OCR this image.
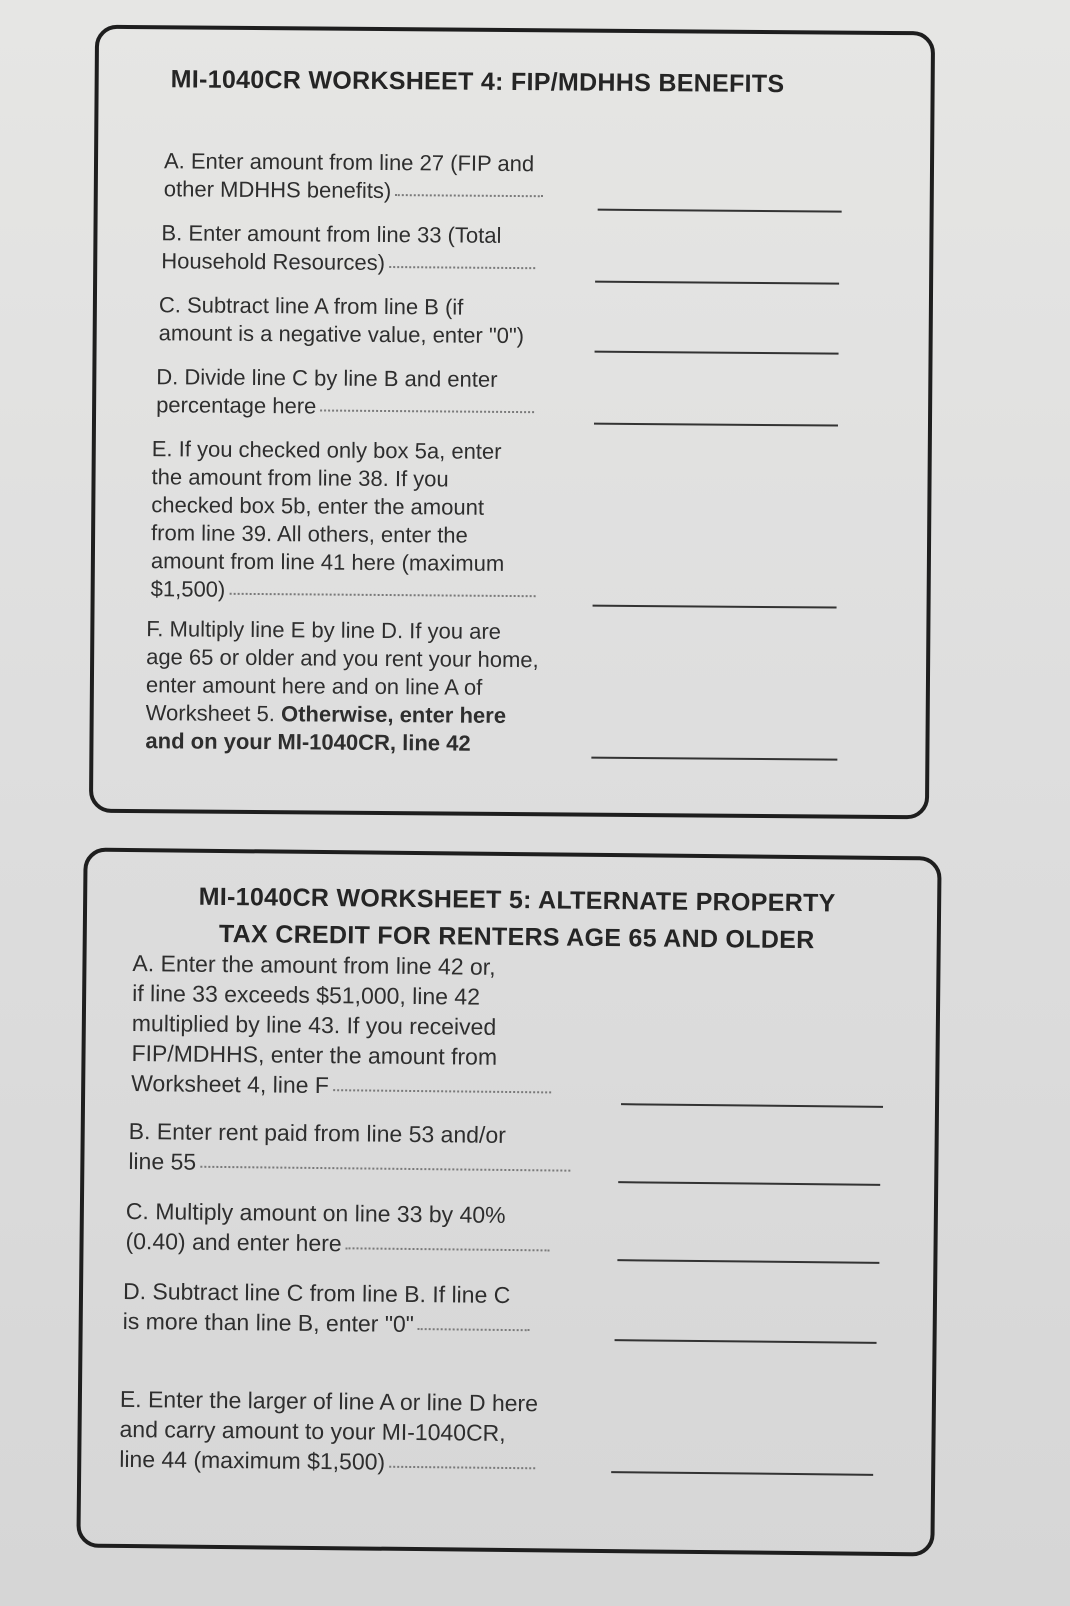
MI-1040CR WORKSHEET 4: FIP/MDHHS BENEFITS
A. Enter amount from line 27 (FIP and
other MDHHS benefits)
B. Enter amount from line 33 (Total
Household Resources)
C. Subtract line A from line B (if
amount is a negative value, enter "0")
D. Divide line C by line B and enter
percentage here
E. If you checked only box 5a, enter
the amount from line 38. If you
checked box 5b, enter the amount
from line 39. All others, enter the
amount from line 41 here (maximum
$1,500)
F. Multiply line E by line D. If you are
age 65 or older and you rent your home,
enter amount here and on line A of
Worksheet 5. Otherwise, enter here
and on your MI-1040CR, line 42
MI-1040CR WORKSHEET 5: ALTERNATE PROPERTY
TAX CREDIT FOR RENTERS AGE 65 AND OLDER
A. Enter the amount from line 42 or,
if line 33 exceeds $51,000, line 42
multiplied by line 43. If you received
FIP/MDHHS, enter the amount from
Worksheet 4, line F
B. Enter rent paid from line 53 and/or
line 55
C. Multiply amount on line 33 by 40%
(0.40) and enter here
D. Subtract line C from line B. If line C
is more than line B, enter "0"
E. Enter the larger of line A or line D here
and carry amount to your MI-1040CR,
line 44 (maximum $1,500)
